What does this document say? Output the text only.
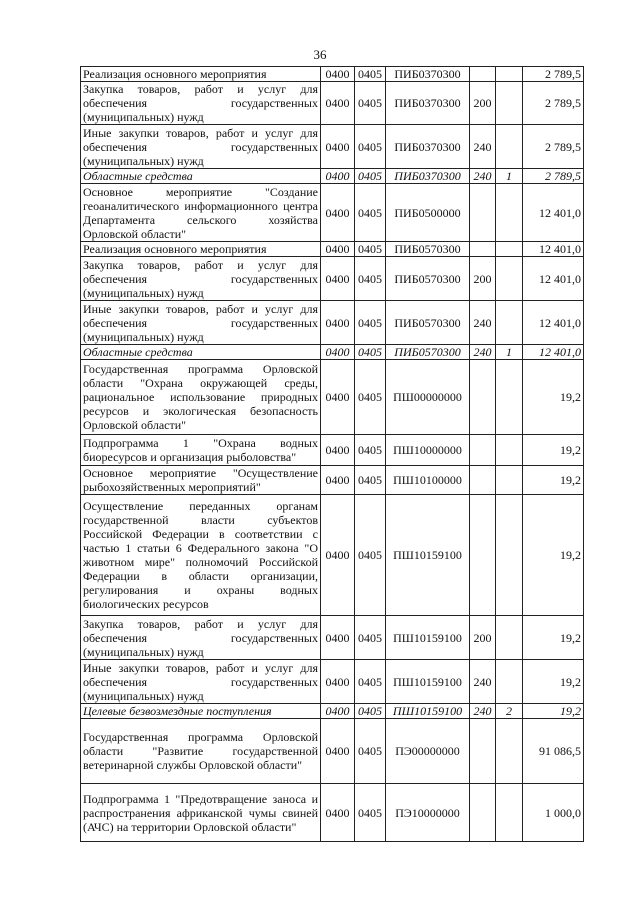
36
Реализация основного мероприятия	0400	0405	ПИБ0370300			2 789,5
Закупка товаров, работ и услуг для обеспечения государственных (муниципальных) нужд	0400	0405	ПИБ0370300	200		2 789,5
Иные закупки товаров, работ и услуг для обеспечения государственных (муниципальных) нужд	0400	0405	ПИБ0370300	240		2 789,5
Областные средства	0400	0405	ПИБ0370300	240	1	2 789,5
Основное мероприятие "Создание геоаналитического информационного центра Департамента сельского хозяйства Орловской области"	0400	0405	ПИБ0500000			12 401,0
Реализация основного мероприятия	0400	0405	ПИБ0570300			12 401,0
Закупка товаров, работ и услуг для обеспечения государственных (муниципальных) нужд	0400	0405	ПИБ0570300	200		12 401,0
Иные закупки товаров, работ и услуг для обеспечения государственных (муниципальных) нужд	0400	0405	ПИБ0570300	240		12 401,0
Областные средства	0400	0405	ПИБ0570300	240	1	12 401,0
Государственная программа Орловской области "Охрана окружающей среды, рациональное использование природных ресурсов и экологическая безопасность Орловской области"	0400	0405	ПШ00000000			19,2
Подпрограмма 1 "Охрана водных биоресурсов и организация рыболовства"	0400	0405	ПШ10000000			19,2
Основное мероприятие "Осуществление рыбохозяйственных мероприятий"	0400	0405	ПШ10100000			19,2
Осуществление переданных органам государственной власти субъектов Российской Федерации в соответствии с частью 1 статьи 6 Федерального закона "О животном мире" полномочий Российской Федерации в области организации, регулирования и охраны водных биологических ресурсов	0400	0405	ПШ10159100			19,2
Закупка товаров, работ и услуг для обеспечения государственных (муниципальных) нужд	0400	0405	ПШ10159100	200		19,2
Иные закупки товаров, работ и услуг для обеспечения государственных (муниципальных) нужд	0400	0405	ПШ10159100	240		19,2
Целевые безвозмездные поступления	0400	0405	ПШ10159100	240	2	19,2
Государственная программа Орловской области "Развитие государственной ветеринарной службы Орловской области"	0400	0405	ПЭ00000000			91 086,5
Подпрограмма 1 "Предотвращение заноса и распространения африканской чумы свиней (АЧС) на территории Орловской области"	0400	0405	ПЭ10000000			1 000,0
